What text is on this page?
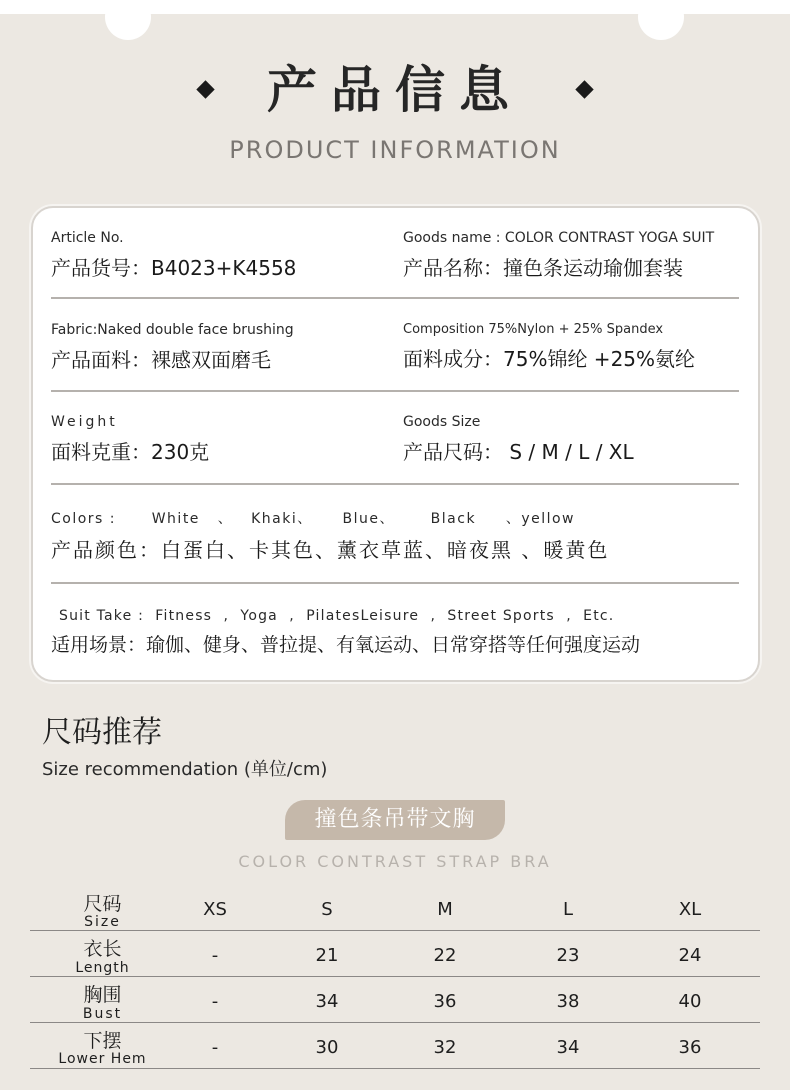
产品信息
PRODUCT INFORMATION
Article No.
产品货号：B4023+K4558
Goods name : COLOR CONTRAST YOGA SUIT
产品名称：撞色条运动瑜伽套装
Fabric:Naked double face brushing
产品面料：裸感双面磨毛
Composition 75%Nylon + 25% Spandex
面料成分：75%锦纶 +25%氨纶
Weight
面料克重：230克
Goods Size
产品尺码： S / M / L / XL
Colors :      White   、   Khaki、     Blue、      Black     、yellow
产品颜色：白蛋白、卡其色、薰衣草蓝、暗夜黑 、暖黄色
Suit Take :  Fitness  ,  Yoga  ,  PilatesLeisure  ,  Street Sports  ,  Etc.
适用场景：瑜伽、健身、普拉提、有氧运动、日常穿搭等任何强度运动
尺码推荐
Size recommendation (单位/cm)
撞色条吊带文胸
COLOR CONTRAST STRAP BRA
尺码
Size
XS	S	M	L	XL
衣长
Length
-	21	22	23	24
胸围
Bust
-	34	36	38	40
下摆
Lower Hem
-	30	32	34	36
